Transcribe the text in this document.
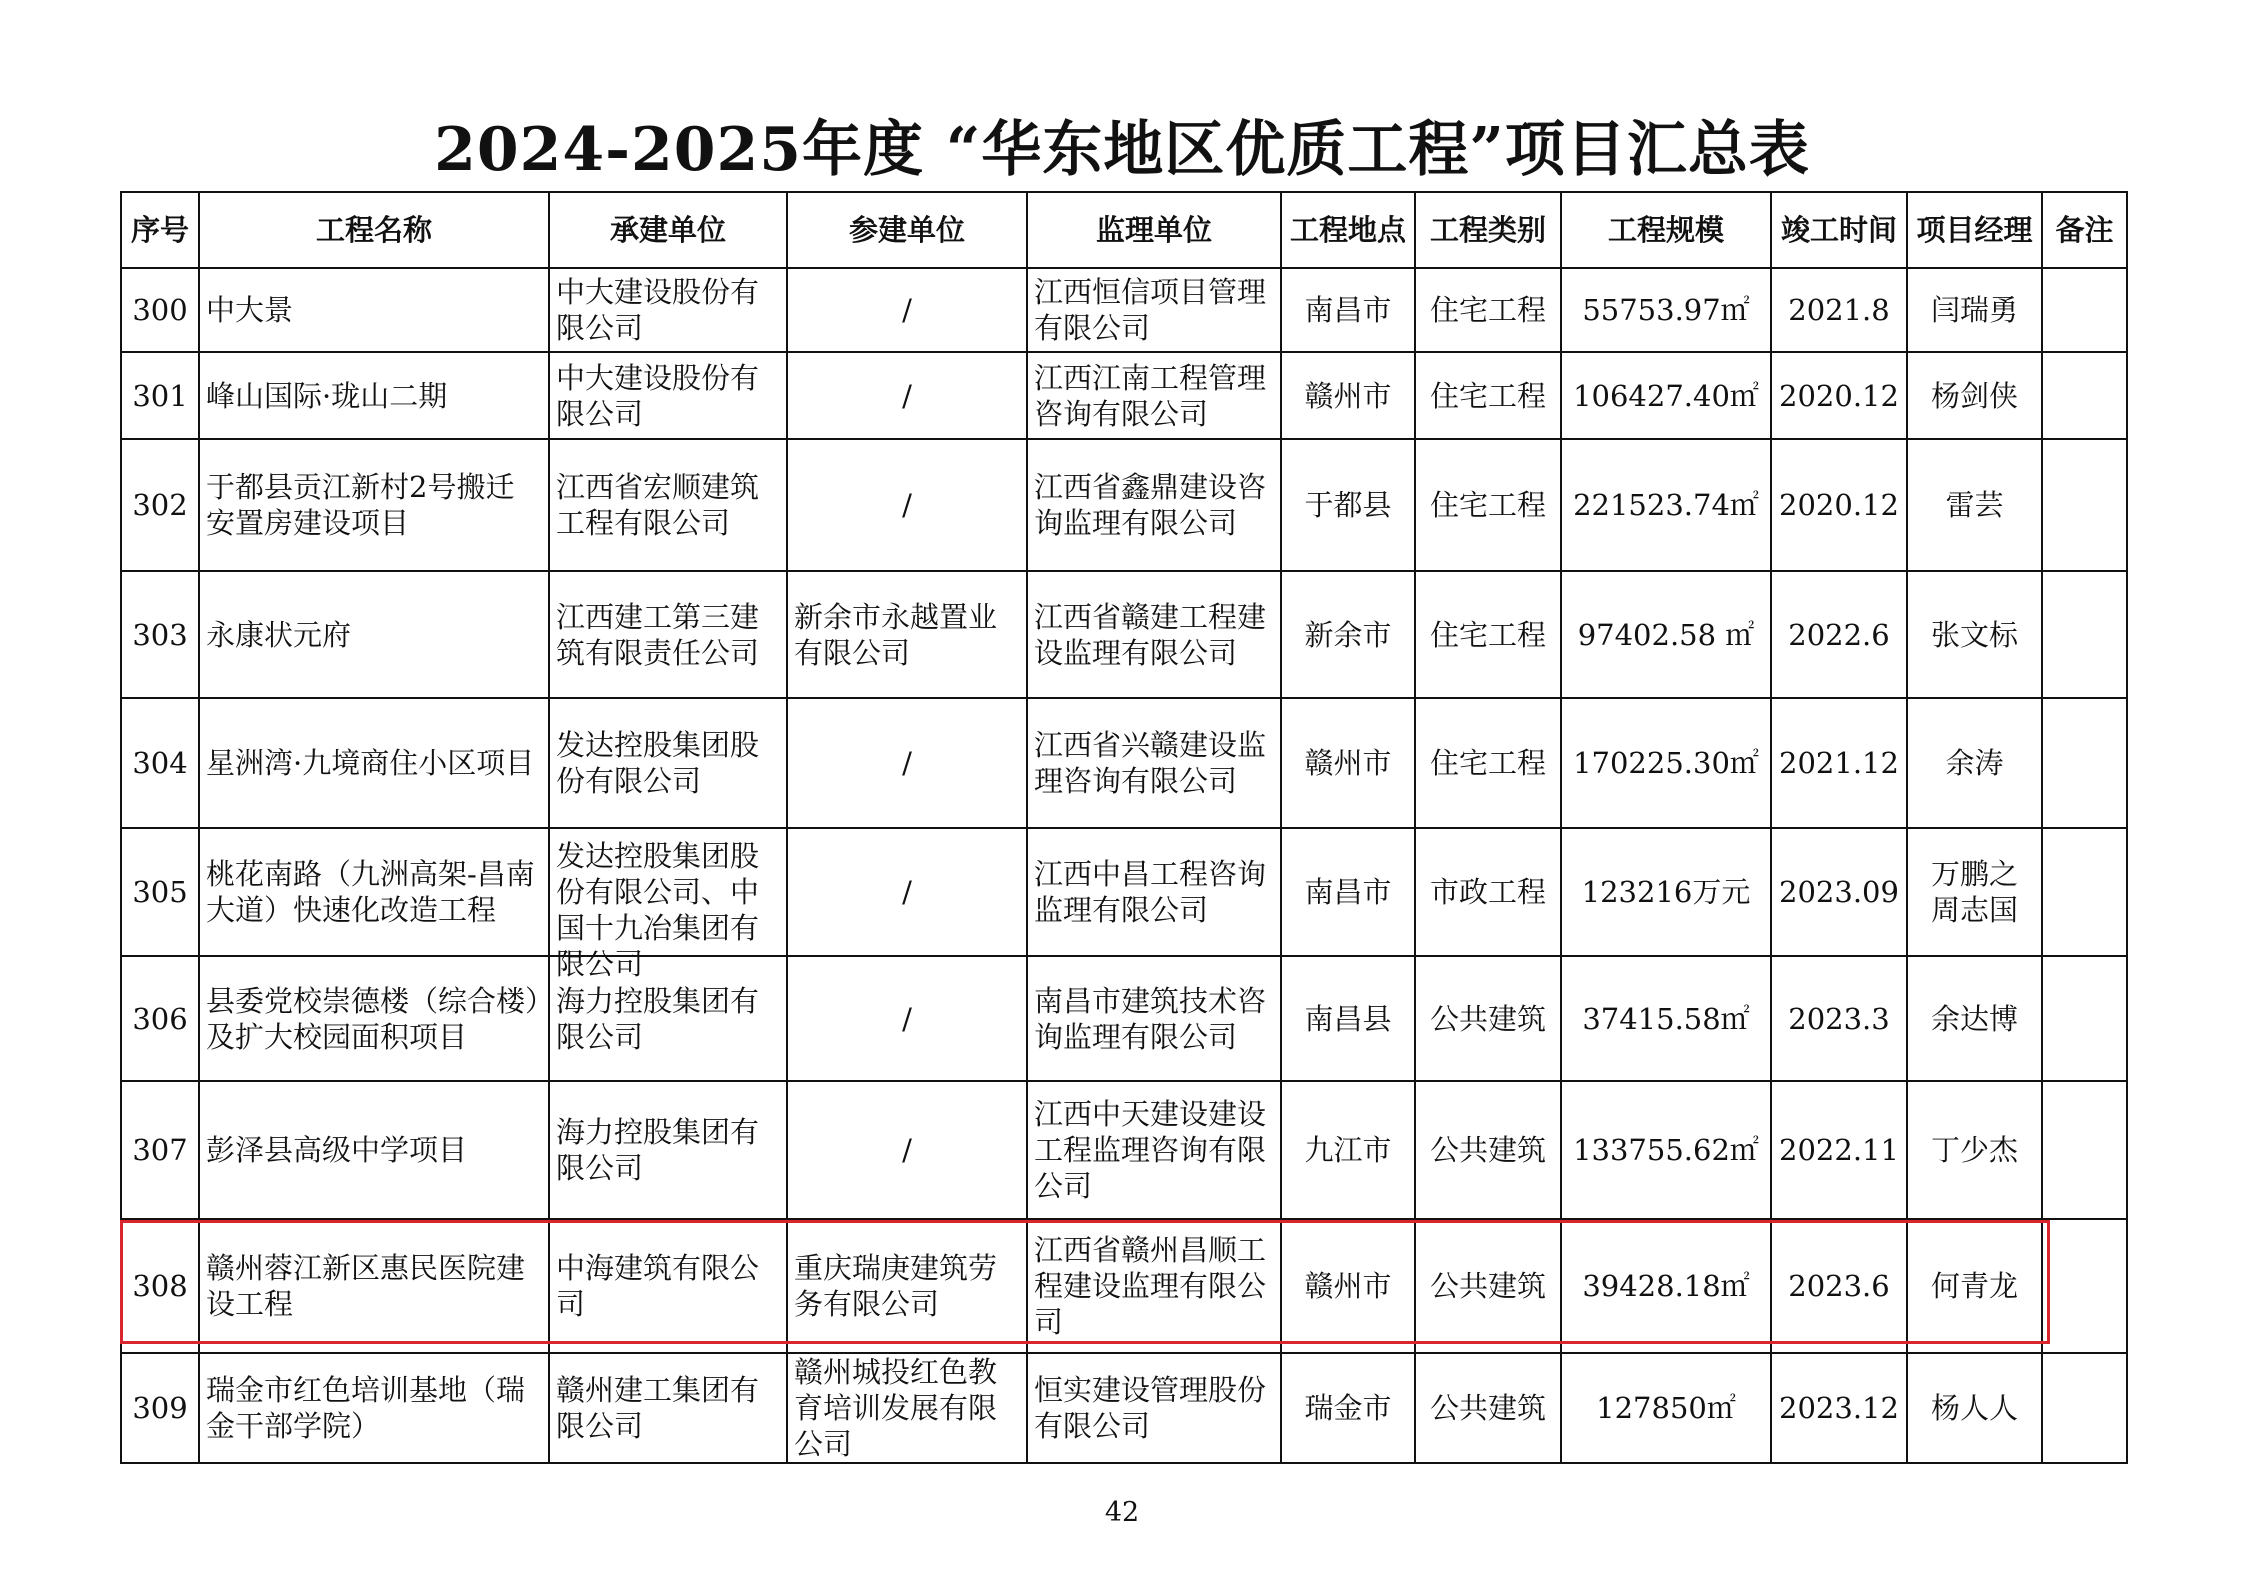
2024-2025年度 “华东地区优质工程”项目汇总表
序号	工程名称	承建单位	参建单位	监理单位	工程地点	工程类别	工程规模	竣工时间	项目经理	备注
300	中大景	中大建设股份有限公司	/	江西恒信项目管理有限公司	南昌市	住宅工程	55753.97㎡	2021.8	闫瑞勇	
301	峰山国际·珑山二期	中大建设股份有限公司	/	江西江南工程管理咨询有限公司	赣州市	住宅工程	106427.40㎡	2020.12	杨剑侠	
302	于都县贡江新村2号搬迁安置房建设项目	江西省宏顺建筑工程有限公司	/	江西省鑫鼎建设咨询监理有限公司	于都县	住宅工程	221523.74㎡	2020.12	雷芸	
303	永康状元府	江西建工第三建筑有限责任公司	新余市永越置业有限公司	江西省赣建工程建设监理有限公司	新余市	住宅工程	97402.58 ㎡	2022.6	张文标	
304	星洲湾·九境商住小区项目	发达控股集团股份有限公司	/	江西省兴赣建设监理咨询有限公司	赣州市	住宅工程	170225.30㎡	2021.12	余涛	
305	桃花南路（九洲高架-昌南大道）快速化改造工程	发达控股集团股份有限公司、中国十九冶集团有限公司	/	江西中昌工程咨询监理有限公司	南昌市	市政工程	123216万元	2023.09	万鹏之 周志国	
306	县委党校崇德楼（综合楼）及扩大校园面积项目	海力控股集团有限公司	/	南昌市建筑技术咨询监理有限公司	南昌县	公共建筑	37415.58㎡	2023.3	余达博	
307	彭泽县高级中学项目	海力控股集团有限公司	/	江西中天建设建设工程监理咨询有限公司	九江市	公共建筑	133755.62㎡	2022.11	丁少杰	
308	赣州蓉江新区惠民医院建设工程	中海建筑有限公司	重庆瑞庚建筑劳务有限公司	江西省赣州昌顺工程建设监理有限公司	赣州市	公共建筑	39428.18㎡	2023.6	何青龙	
309	瑞金市红色培训基地（瑞金干部学院）	赣州建工集团有限公司	赣州城投红色教育培训发展有限公司	恒实建设管理股份有限公司	瑞金市	公共建筑	127850㎡	2023.12	杨人人	
42
